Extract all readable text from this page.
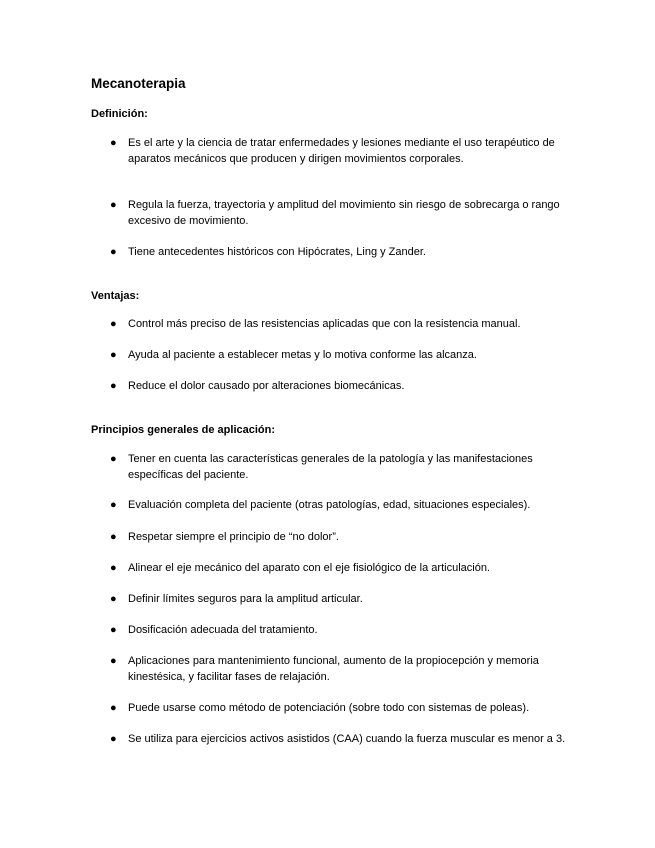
Mecanoterapia
Definición:
●	Es el arte y la ciencia de tratar enfermedades y lesiones mediante el uso terapéutico de aparatos mecánicos que producen y dirigen movimientos corporales.
●	Regula la fuerza, trayectoria y amplitud del movimiento sin riesgo de sobrecarga o rango excesivo de movimiento.
●	Tiene antecedentes históricos con Hipócrates, Ling y Zander.
Ventajas:
●	Control más preciso de las resistencias aplicadas que con la resistencia manual.
●	Ayuda al paciente a establecer metas y lo motiva conforme las alcanza.
●	Reduce el dolor causado por alteraciones biomecánicas.
Principios generales de aplicación:
●	Tener en cuenta las características generales de la patología y las manifestaciones específicas del paciente.
●	Evaluación completa del paciente (otras patologías, edad, situaciones especiales).
●	Respetar siempre el principio de “no dolor”.
●	Alinear el eje mecánico del aparato con el eje fisiológico de la articulación.
●	Definir límites seguros para la amplitud articular.
●	Dosificación adecuada del tratamiento.
●	Aplicaciones para mantenimiento funcional, aumento de la propiocepción y memoria kinestésica, y facilitar fases de relajación.
●	Puede usarse como método de potenciación (sobre todo con sistemas de poleas).
●	Se utiliza para ejercicios activos asistidos (CAA) cuando la fuerza muscular es menor a 3.
